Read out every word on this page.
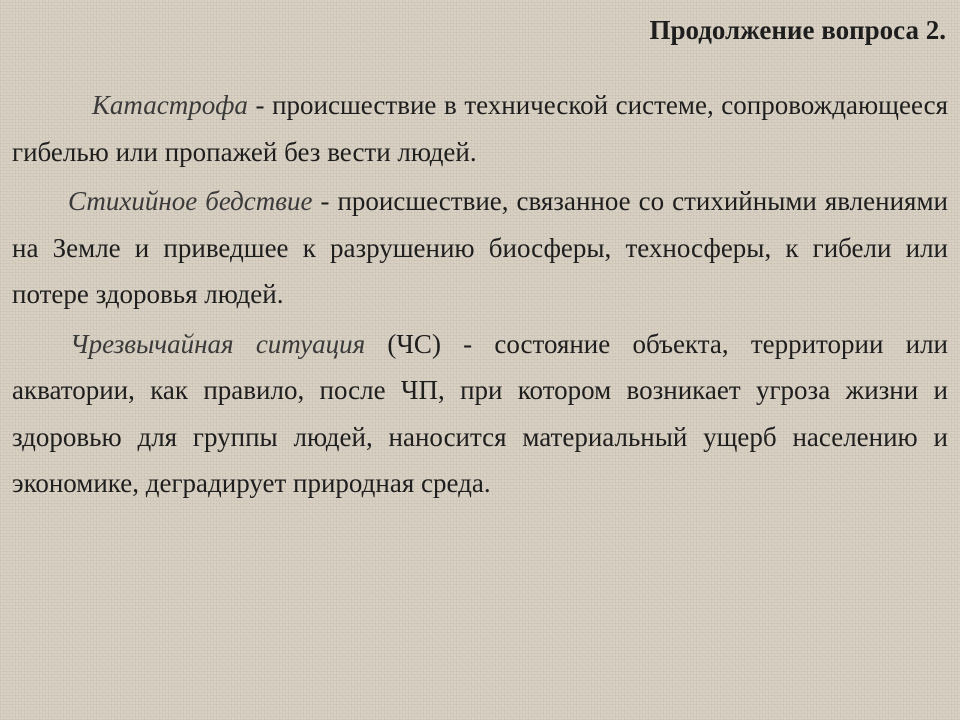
Продолжение вопроса 2.

Катастрофа - происшествие в технической системе, сопровождающееся гибелью или пропажей без вести людей.

Стихийное бедствие - происшествие, связанное со стихийными явлениями на Земле и приведшее к разрушению биосферы, техносферы, к гибели или потере здоровья людей.

Чрезвычайная ситуация (ЧС) - состояние объекта, территории или акватории, как правило, после ЧП, при котором возникает угроза жизни и здоровью для группы людей, наносится материальный ущерб населению и экономике, деградирует природная среда.
